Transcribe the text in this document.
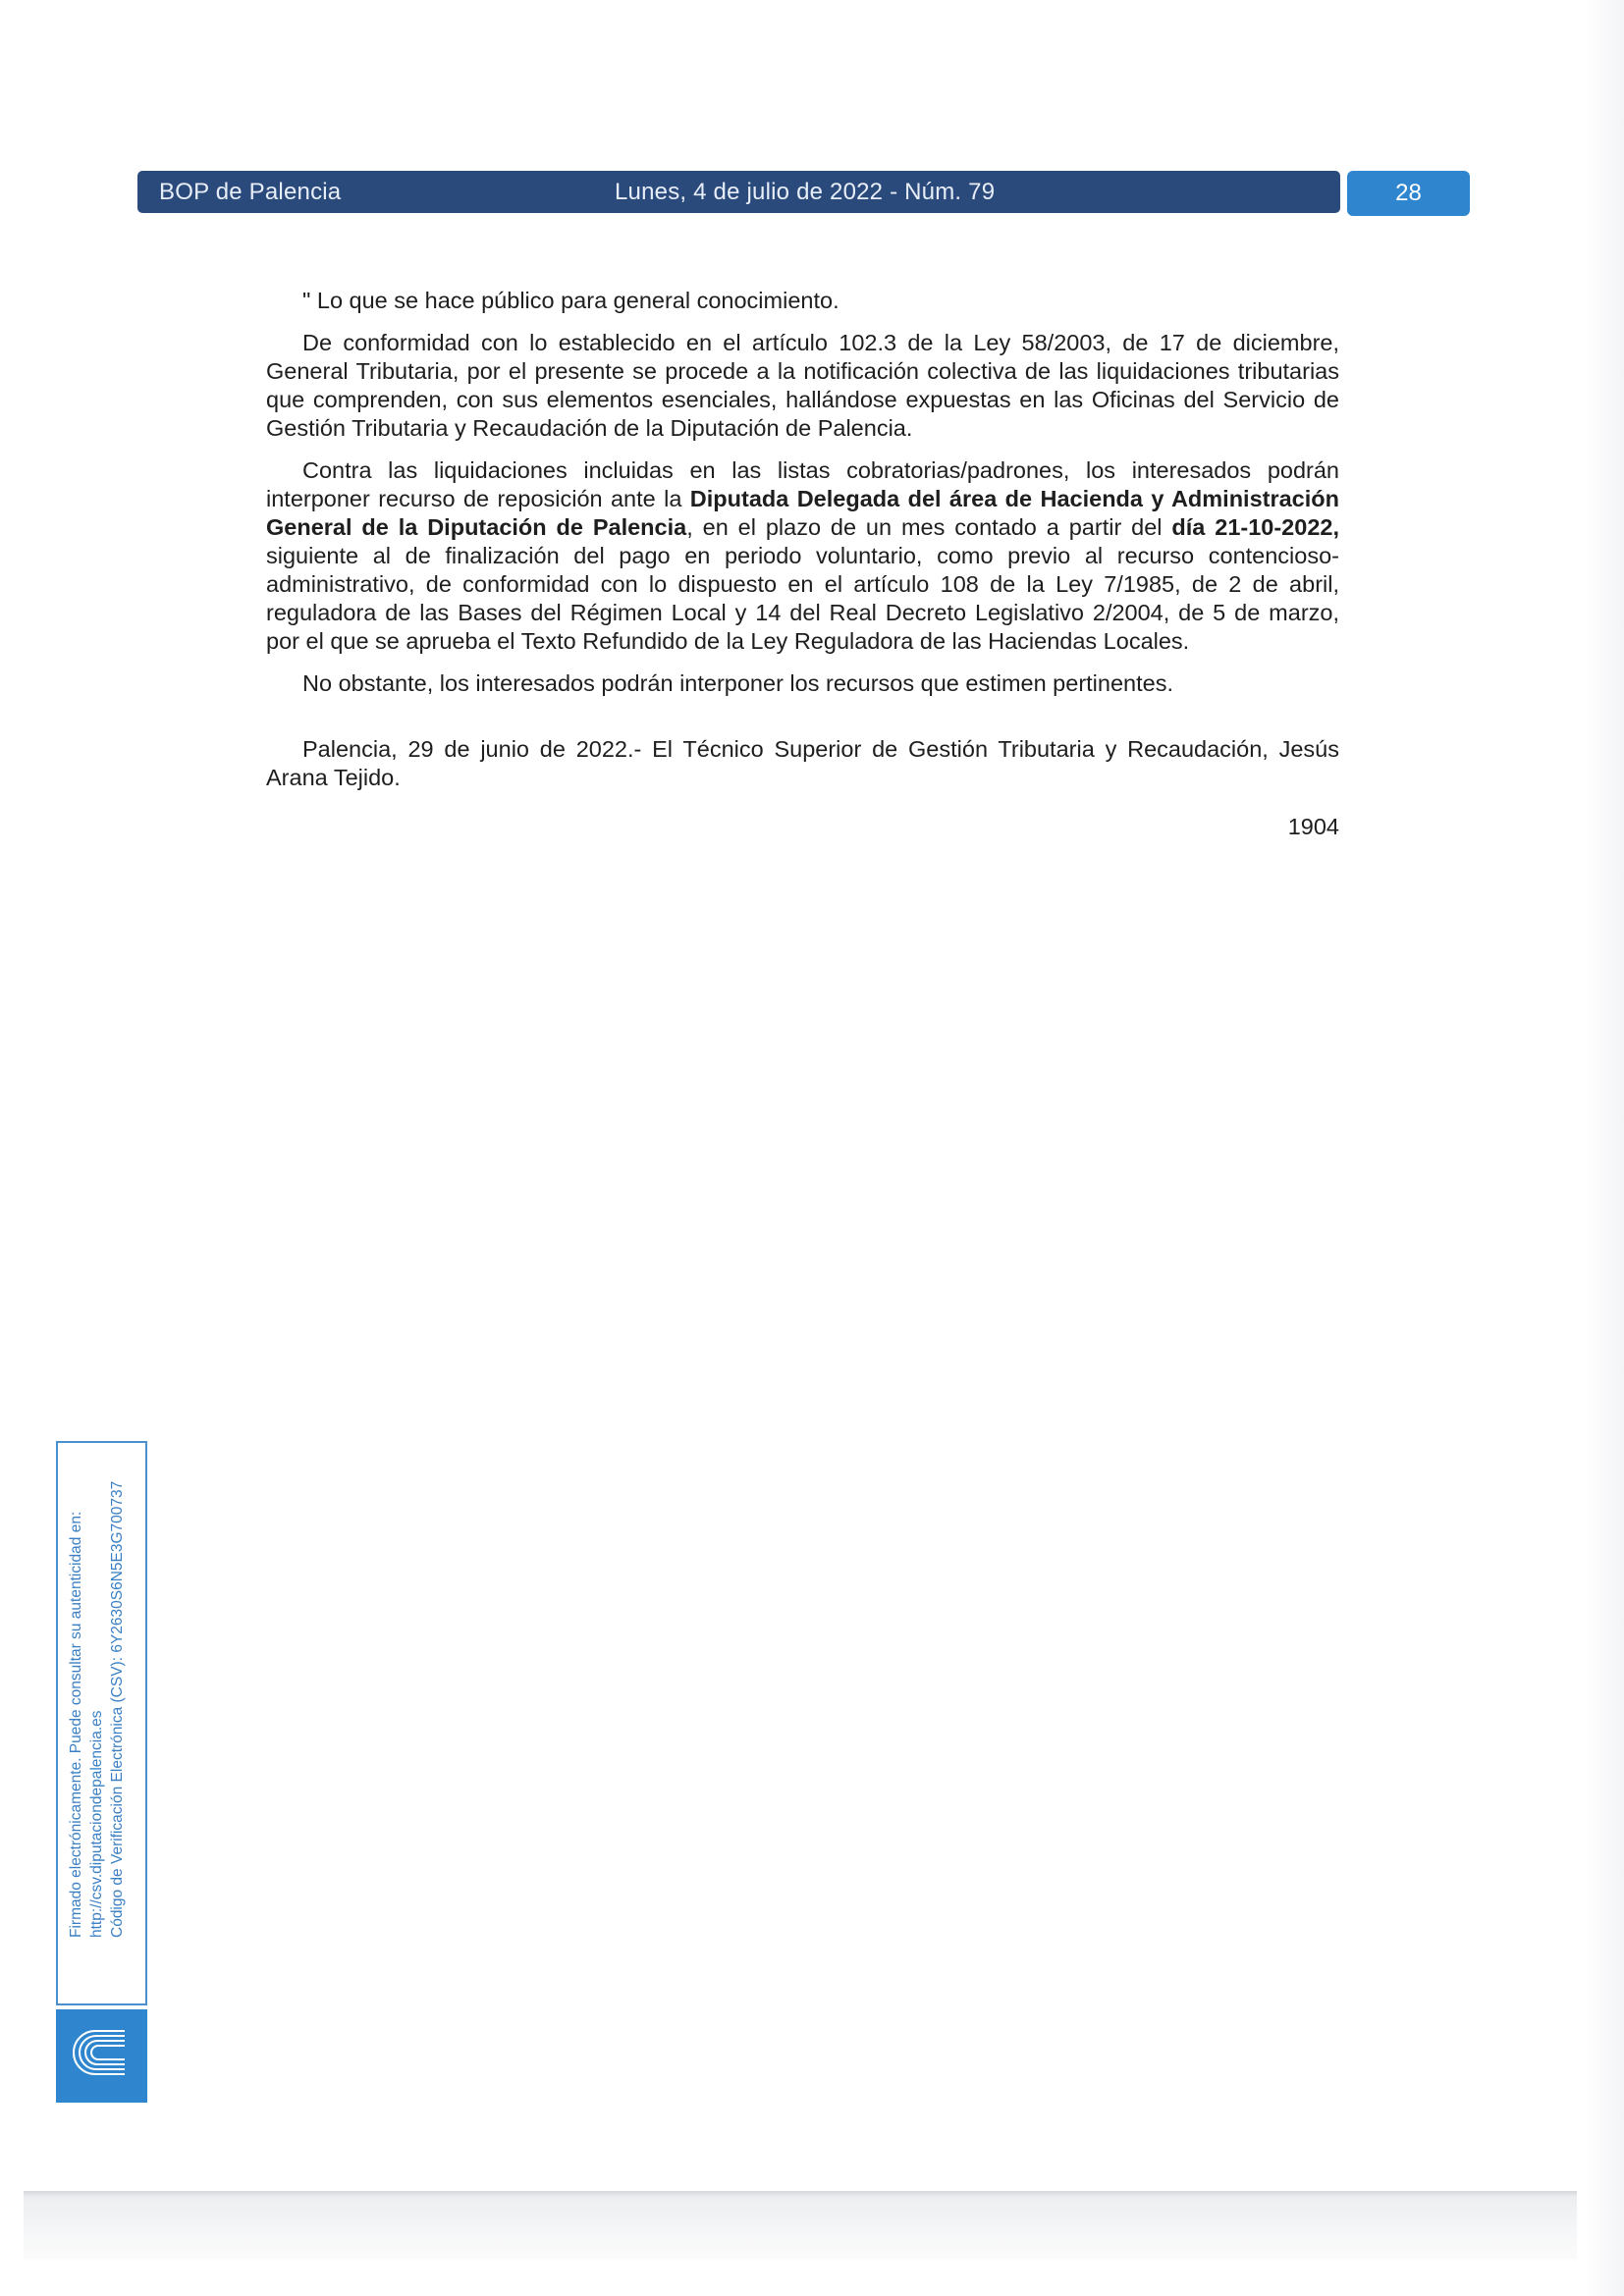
BOP de Palencia	Lunes, 4 de julio de 2022 - Núm. 79	28

" Lo que se hace público para general conocimiento.

De conformidad con lo establecido en el artículo 102.3 de la Ley 58/2003, de 17 de diciembre, General Tributaria, por el presente se procede a la notificación colectiva de las liquidaciones tributarias que comprenden, con sus elementos esenciales, hallándose expuestas en las Oficinas del Servicio de Gestión Tributaria y Recaudación de la Diputación de Palencia.

Contra las liquidaciones incluidas en las listas cobratorias/padrones, los interesados podrán interponer recurso de reposición ante la Diputada Delegada del área de Hacienda y Administración General de la Diputación de Palencia, en el plazo de un mes contado a partir del día 21-10-2022, siguiente al de finalización del pago en periodo voluntario, como previo al recurso contencioso-administrativo, de conformidad con lo dispuesto en el artículo 108 de la Ley 7/1985, de 2 de abril, reguladora de las Bases del Régimen Local y 14 del Real Decreto Legislativo 2/2004, de 5 de marzo, por el que se aprueba el Texto Refundido de la Ley Reguladora de las Haciendas Locales.

No obstante, los interesados podrán interponer los recursos que estimen pertinentes.

Palencia, 29 de junio de 2022.- El Técnico Superior de Gestión Tributaria y Recaudación, Jesús Arana Tejido.

1904
Firmado electrónicamente. Puede consultar su autenticidad en: http://csv.diputaciondepalencia.es Código de Verificación Electrónica (CSV): 6Y2630S6N5E3G700737
